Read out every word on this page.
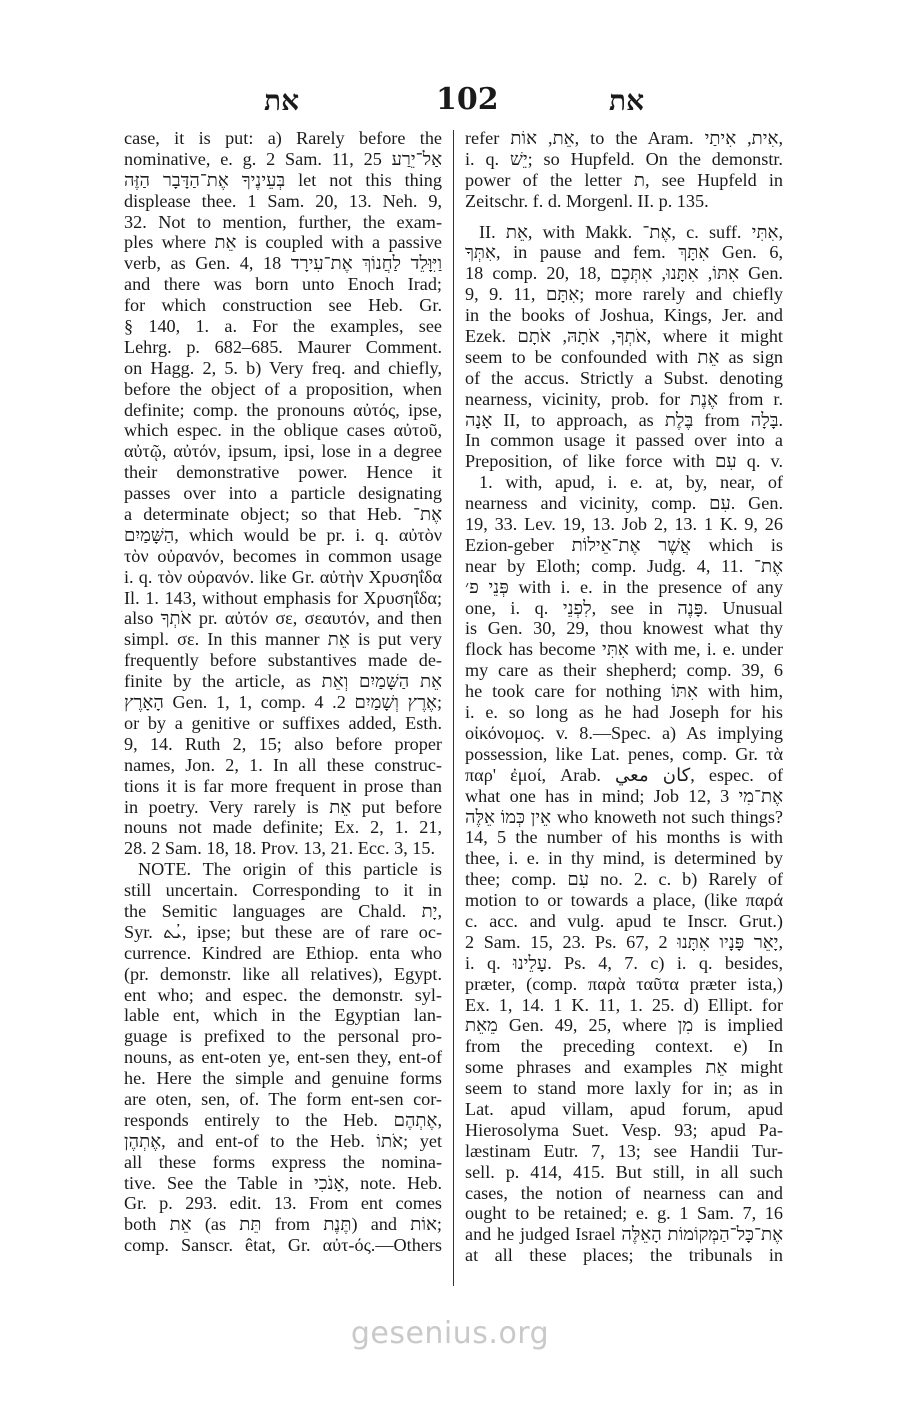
את	102	את
case, it is put: a) Rarely before the
nominative, e. g. 2 Sam. 11, 25 אַל־יֵרַע
בְּעֵינֶיךָ אֶת־הַדָּבָר הַזֶּה let not this thing
displease thee. 1 Sam. 20, 13. Neh. 9,
32. Not to mention, further, the exam-
ples where אֵת is coupled with a passive
verb, as Gen. 4, 18 וַיִּוָּלֵד לַחֲנוֹךְ אֶת־עִירָד
and there was born unto Enoch Irad;
for which construction see Heb. Gr.
§ 140, 1. a. For the examples, see
Lehrg. p. 682–685. Maurer Comment.
on Hagg. 2, 5. b) Very freq. and chiefly,
before the object of a proposition, when
definite; comp. the pronouns αὐτός, ipse,
which espec. in the oblique cases αὐτοῦ,
αὐτῷ, αὐτόν, ipsum, ipsi, lose in a degree
their demonstrative power. Hence it
passes over into a particle designating
a determinate object; so that Heb. אֶת־
הַשָּׁמַיִם, which would be pr. i. q. αὐτὸν
τὸν οὐρανόν, becomes in common usage
i. q. τὸν οὐρανόν. like Gr. αὐτὴν Χρυσηΐδα
Il. 1. 143, without emphasis for Χρυσηΐδα;
also אֹתְךָ pr. αὐτόν σε, σεαυτόν, and then
simpl. σε. In this manner אֵת is put very
frequently before substantives made de-
finite by the article, as אֵת הַשָּׁמַיִם וְאֵת
הָאָרֶץ Gen. 1, 1, comp. אֶרֶץ וְשָׁמַיִם 2. 4;
or by a genitive or suffixes added, Esth.
9, 14. Ruth 2, 15; also before proper
names, Jon. 2, 1. In all these construc-
tions it is far more frequent in prose than
in poetry. Very rarely is אֵת put before
nouns not made definite; Ex. 2, 1. 21,
28. 2 Sam. 18, 18. Prov. 13, 21. Ecc. 3, 15.
NOTE. The origin of this particle is
still uncertain. Corresponding to it in
the Semitic languages are Chald. יָת,
Syr. ܝܳܬ, ipse; but these are of rare oc-
currence. Kindred are Ethiop. enta who
(pr. demonstr. like all relatives), Egypt.
ent who; and espec. the demonstr. syl-
lable ent, which in the Egyptian lan-
guage is prefixed to the personal pro-
nouns, as ent-oten ye, ent-sen they, ent-of
he. Here the simple and genuine forms
are oten, sen, of. The form ent-sen cor-
responds entirely to the Heb. אֶתְהֶם,
אֶתְהֶן, and ent-of to the Heb. אֹתוֹ; yet
all these forms express the nomina-
tive. See the Table in אָנֹכִי, note. Heb.
Gr. p. 293. edit. 13. From ent comes
both אֵת (as תֵּת from תֶּנֶת) and אוֹת;
comp. Sanscr. êtat, Gr. αὐτ-ός.—Others
refer אֵת, אוֹת, to the Aram. אִית, אִיתַי,
i. q. יֵשׁ; so Hupfeld. On the demonstr.
power of the letter ת, see Hupfeld in
Zeitschr. f. d. Morgenl. II. p. 135.
II. אֵת, with Makk. אֶת־, c. suff. אִתִּי,
אִתְּךָ, in pause and fem. אִתָּךְ Gen. 6,
18 comp. 20, 18, אִתּוֹ, אִתָּנוּ, אִתְּכֶם Gen.
9, 9. 11, אִתָּם; more rarely and chiefly
in the books of Joshua, Kings, Jer. and
Ezek. אֹתְךָ, אֹתָהּ, אֹתָם, where it might
seem to be confounded with אֵת as sign
of the accus. Strictly a Subst. denoting
nearness, vicinity, prob. for אֶנֶת from r.
אָנָה II, to approach, as בֶּלֶת from בָּלָה.
In common usage it passed over into a
Preposition, of like force with עִם q. v.
1. with, apud, i. e. at, by, near, of
nearness and vicinity, comp. עִם. Gen.
19, 33. Lev. 19, 13. Job 2, 13. 1 K. 9, 26
Ezion-geber אֲשֶׁר אֶת־אֵילוֹת which is
near by Eloth; comp. Judg. 4, 11. אֶת־
פְּנֵי פ׳ with i. e. in the presence of any
one, i. q. לִפְנֵי, see in פָּנֶה. Unusual
is Gen. 30, 29, thou knowest what thy
flock has become אִתִּי with me, i. e. under
my care as their shepherd; comp. 39, 6
he took care for nothing אִתּוֹ with him,
i. e. so long as he had Joseph for his
οἰκόνομος. v. 8.—Spec. a) As implying
possession, like Lat. penes, comp. Gr. τὰ
παρ' ἐμοί, Arab. كان معي, espec. of
what one has in mind; Job 12, 3 אֶת־מִי
אֵין כְּמוֹ אֵלֶּה who knoweth not such things?
14, 5 the number of his months is with
thee, i. e. in thy mind, is determined by
thee; comp. עִם no. 2. c. b) Rarely of
motion to or towards a place, (like παρά
c. acc. and vulg. apud te Inscr. Grut.)
2 Sam. 15, 23. Ps. 67, 2 יָאֵר פָּנָיו אִתָּנוּ,
i. q. עָלֵינוּ. Ps. 4, 7. c) i. q. besides,
præter, (comp. παρὰ ταῦτα præter ista,)
Ex. 1, 14. 1 K. 11, 1. 25. d) Ellipt. for
מֵאֵת Gen. 49, 25, where מִן is implied
from the preceding context. e) In
some phrases and examples אֵת might
seem to stand more laxly for in; as in
Lat. apud villam, apud forum, apud
Hierosolyma Suet. Vesp. 93; apud Pa-
læstinam Eutr. 7, 13; see Handii Tur-
sell. p. 414, 415. But still, in all such
cases, the notion of nearness can and
ought to be retained; e. g. 1 Sam. 7, 16
and he judged Israel אֶת־כָּל־הַמְּקוֹמוֹת הָאֵלֶּה
at all these places; the tribunals in
gesenius.org
